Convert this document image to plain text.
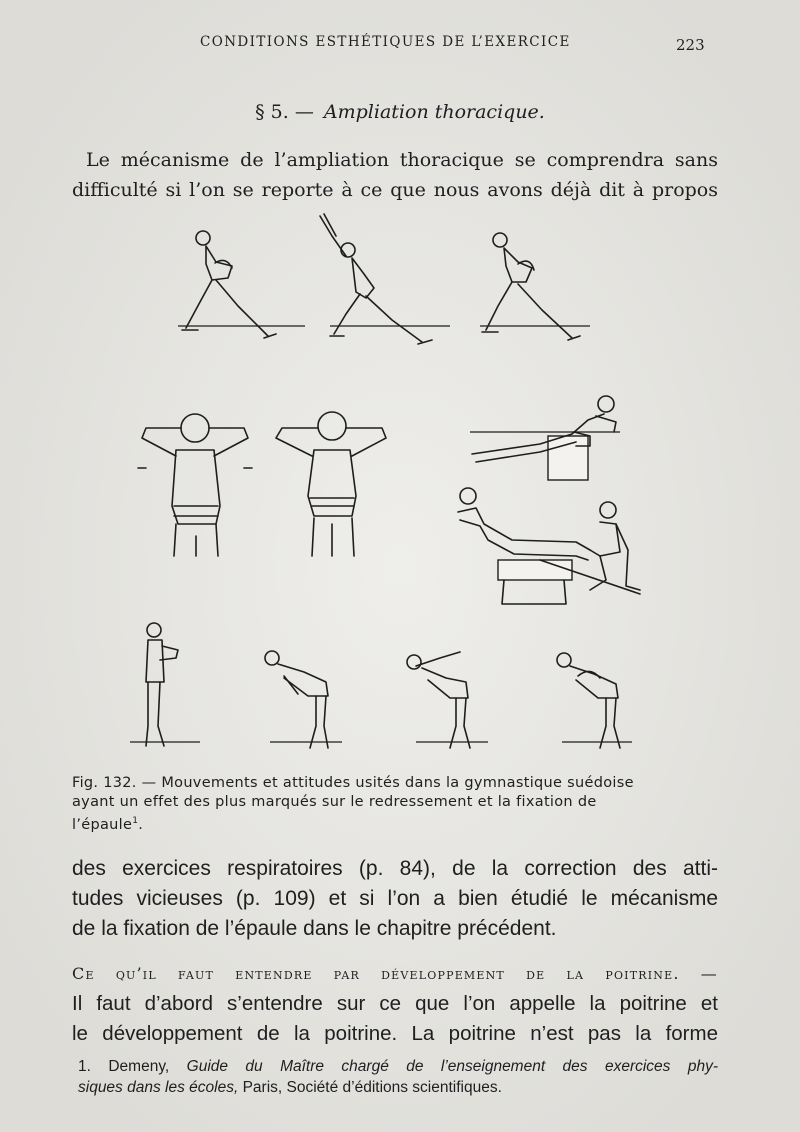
CONDITIONS ESTHÉTIQUES DE L’EXERCICE	223
§ 5. — Ampliation thoracique.
Le mécanisme de l’ampliation thoracique se comprendra sans
difficulté si l’on se reporte à ce que nous avons déjà dit à propos
Fig. 132. — Mouvements et attitudes usités dans la gymnastique suédoise
ayant un effet des plus marqués sur le redressement et la fixation de
l’épaule$^1$.
des exercices respiratoires (p. 84), de la correction des atti-
tudes vicieuses (p. 109) et si l’on a bien étudié le mécanisme
de la fixation de l’épaule dans le chapitre précédent.
Ce qu’il faut entendre par développement de la poitrine. —
Il faut d’abord s’entendre sur ce que l’on appelle la poitrine et
le développement de la poitrine. La poitrine n’est pas la forme
1. Demeny, Guide du Maître chargé de l’enseignement des exercices phy-
siques dans les écoles, Paris, Société d’éditions scientifiques.
